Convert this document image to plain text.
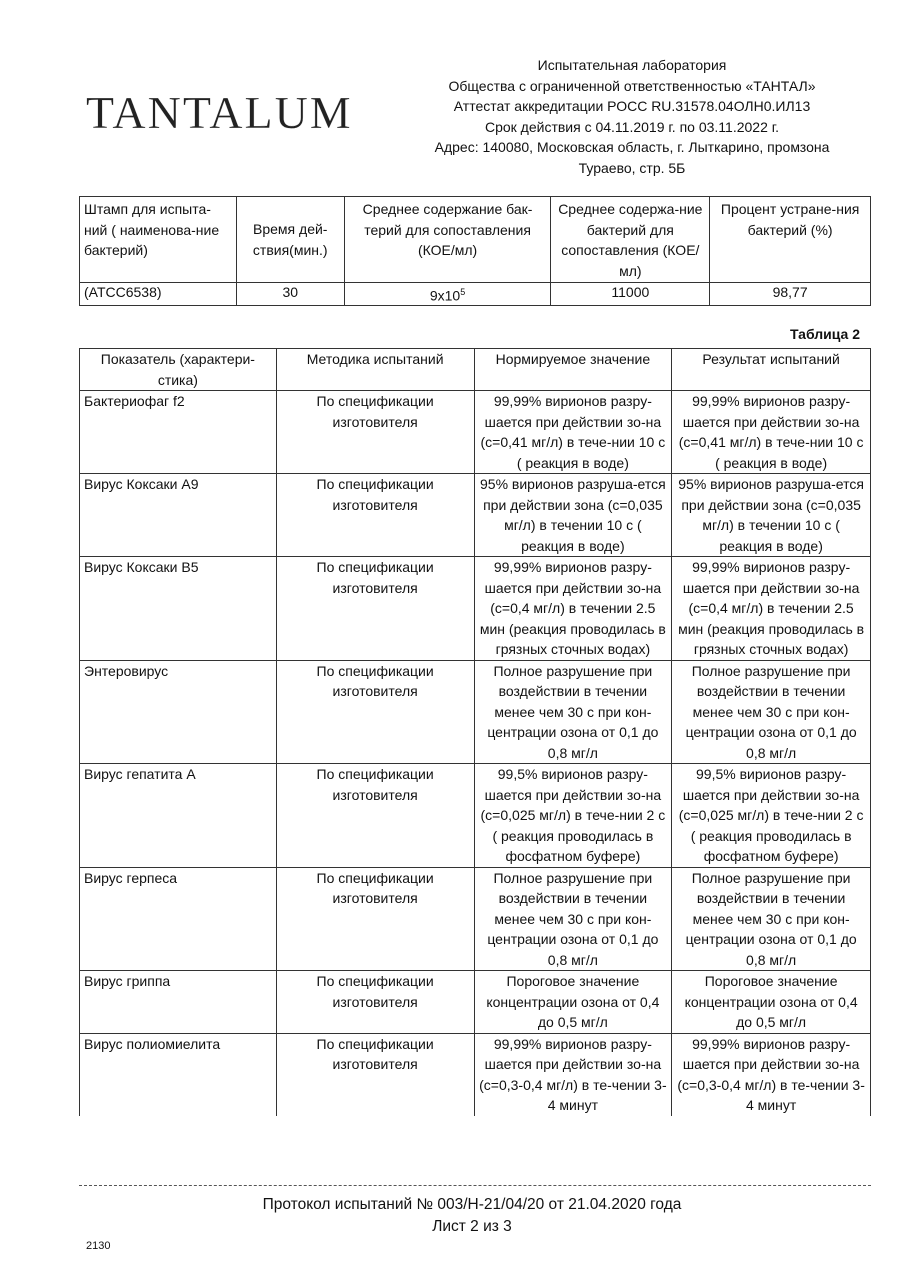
TANTALUM
Испытательная лаборатория
Общества с ограниченной ответственностью «ТАНТАЛ»
Аттестат аккредитации РОСС RU.31578.04ОЛН0.ИЛ13
Срок действия с 04.11.2019 г. по 03.11.2022 г.
Адрес: 140080, Московская область, г. Лыткарино, промзона
Тураево, стр. 5Б
Штамп для испыта-ний ( наименова-ние бактерий)	Время дей-ствия(мин.)	Среднее содержание бак-терий для сопоставления (КОЕ/мл)	Среднее содержа-ние бактерий для сопоставления (КОЕ/мл)	Процент устране-ния бактерий (%)
(ATCC6538)	30	$9x10^5$	11000	98,77
Таблица 2
Показатель (характери-стика)	Методика испытаний	Нормируемое значение	Результат испытаний
Бактериофаг f2	По спецификации изготовителя	99,99% вирионов разру-шается при действии зо-на (с=0,41 мг/л) в тече-нии 10 с ( реакция в воде)	99,99% вирионов разру-шается при действии зо-на (с=0,41 мг/л) в тече-нии 10 с ( реакция в воде)
Вирус Коксаки А9	По спецификации изготовителя	95% вирионов разруша-ется при действии зона (с=0,035 мг/л) в течении 10 с ( реакция в воде)	95% вирионов разруша-ется при действии зона (с=0,035 мг/л) в течении 10 с ( реакция в воде)
Вирус Коксаки В5	По спецификации изготовителя	99,99% вирионов разру-шается при действии зо-на (с=0,4 мг/л) в течении 2.5 мин (реакция проводилась в грязных сточных водах)	99,99% вирионов разру-шается при действии зо-на (с=0,4 мг/л) в течении 2.5 мин (реакция проводилась в грязных сточных водах)
Энтеровирус	По спецификации изготовителя	Полное разрушение при воздействии в течении менее чем 30 с при кон-центрации озона от 0,1 до 0,8 мг/л	Полное разрушение при воздействии в течении менее чем 30 с при кон-центрации озона от 0,1 до 0,8 мг/л
Вирус гепатита А	По спецификации изготовителя	99,5% вирионов разру-шается при действии зо-на (с=0,025 мг/л) в тече-нии 2 с ( реакция проводилась в фосфатном буфере)	99,5% вирионов разру-шается при действии зо-на (с=0,025 мг/л) в тече-нии 2 с ( реакция проводилась в фосфатном буфере)
Вирус герпеса	По спецификации изготовителя	Полное разрушение при воздействии в течении менее чем 30 с при кон-центрации озона от 0,1 до 0,8 мг/л	Полное разрушение при воздействии в течении менее чем 30 с при кон-центрации озона от 0,1 до 0,8 мг/л
Вирус гриппа	По спецификации изготовителя	Пороговое значение концентрации озона от 0,4 до 0,5 мг/л	Пороговое значение концентрации озона от 0,4 до 0,5 мг/л
Вирус полиомиелита	По спецификации изготовителя	99,99% вирионов разру-шается при действии зо-на (с=0,3-0,4 мг/л) в те-чении 3-4 минут	99,99% вирионов разру-шается при действии зо-на (с=0,3-0,4 мг/л) в те-чении 3-4 минут
Протокол испытаний № 003/Н-21/04/20 от 21.04.2020 года
Лист 2 из 3
2130
